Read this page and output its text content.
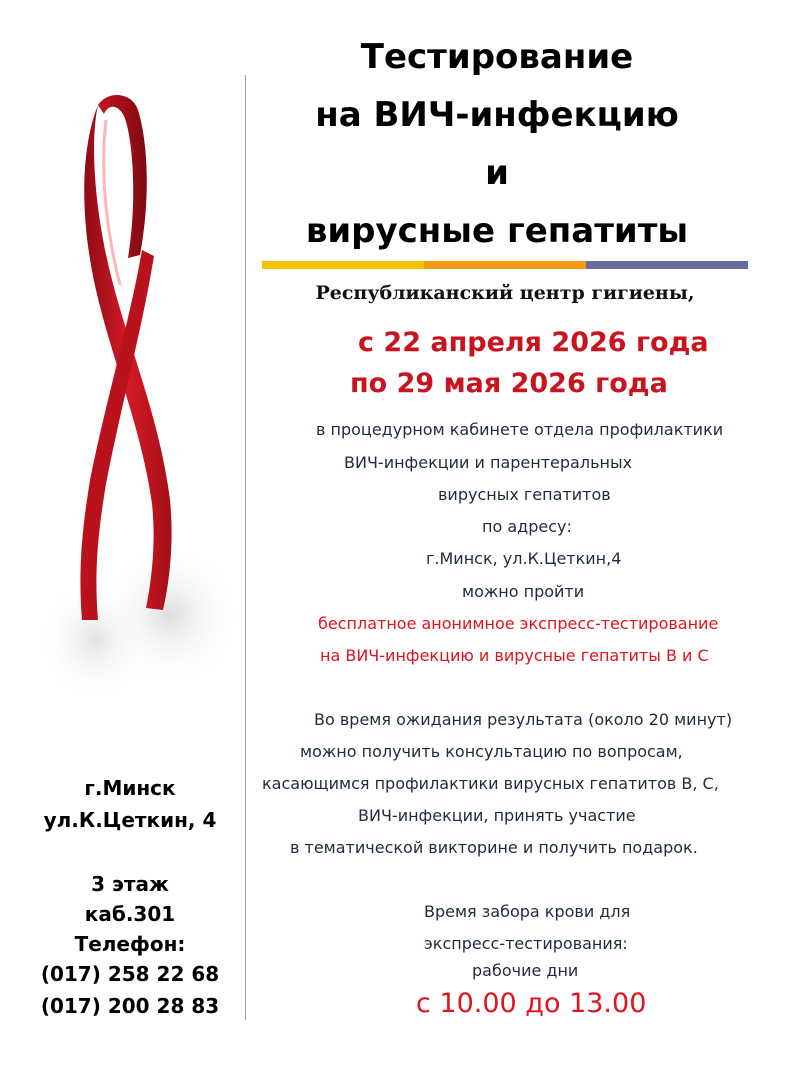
Тестирование
на ВИЧ-инфекцию
и
вирусные гепатиты
Республиканский центр гигиены,
с 22 апреля 2026 года
по 29 мая 2026 года
в процедурном кабинете отдела профилактики
ВИЧ-инфекции и парентеральных
вирусных гепатитов
по адресу:
г.Минск, ул.К.Цеткин,4
можно пройти
бесплатное анонимное экспресс-тестирование
на ВИЧ-инфекцию и вирусные гепатиты В и С
Во время ожидания результата (около 20 минут)
можно получить консультацию по вопросам,
касающимся профилактики вирусных гепатитов В, С,
ВИЧ-инфекции, принять участие
в тематической викторине и получить подарок.
Время забора крови для
экспресс-тестирования:
рабочие дни
с 10.00 до 13.00
г.Минск
ул.К.Цеткин, 4
3 этаж
каб.301
Телефон:
(017) 258 22 68
(017) 200 28 83
